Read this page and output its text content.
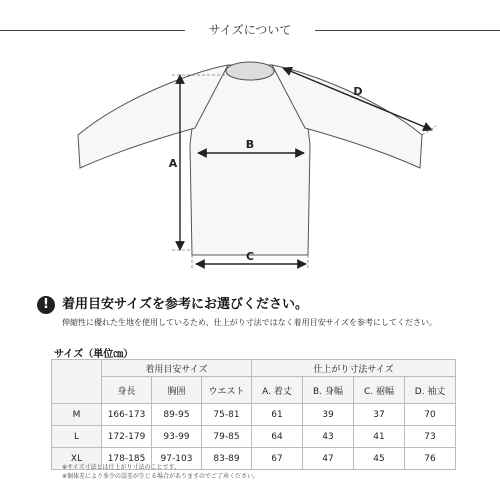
サイズについて
A
B
C
D
!	着用目安サイズを参考にお選びください。
伸縮性に優れた生地を使用しているため、仕上がり寸法ではなく着用目安サイズを参考にしてください。
サイズ（単位㎝）
	着用目安サイズ			仕上がり寸法サイズ			
	身長	胸囲	ウエスト	A. 着丈	B. 身幅	C. 裾幅	D. 袖丈
M	166-173	89-95	75-81	61	39	37	70
L	172-179	93-99	79-85	64	43	41	73
XL	178-185	97-103	83-89	67	47	45	76
※サイズ寸法とは仕上がり寸法のことです。
※個体差により多少の誤差が生じる場合がありますのでご了承ください。
